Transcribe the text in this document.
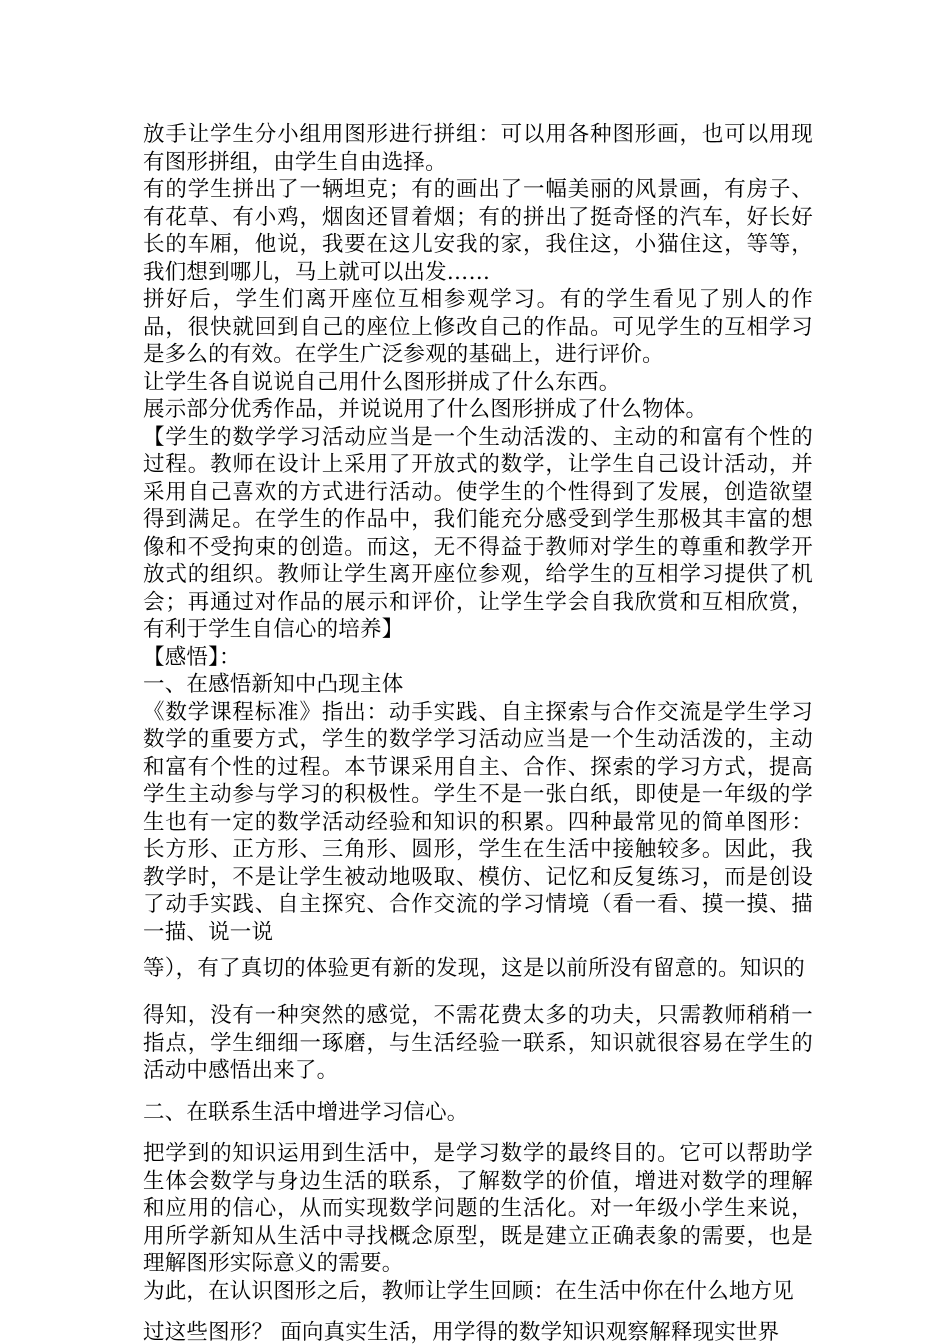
放手让学生分小组用图形进行拼组：可以用各种图形画，也可以用现有图形拼组，由学生自由选择。

有的学生拼出了一辆坦克；有的画出了一幅美丽的风景画，有房子、有花草、有小鸡，烟囱还冒着烟；有的拼出了挺奇怪的汽车，好长好长的车厢，他说，我要在这儿安我的家，我住这，小猫住这，等等，我们想到哪儿，马上就可以出发……

拼好后，学生们离开座位互相参观学习。有的学生看见了别人的作品，很快就回到自己的座位上修改自己的作品。可见学生的互相学习是多么的有效。在学生广泛参观的基础上，进行评价。

让学生各自说说自己用什么图形拼成了什么东西。

展示部分优秀作品，并说说用了什么图形拼成了什么物体。

【学生的数学学习活动应当是一个生动活泼的、主动的和富有个性的过程。教师在设计上采用了开放式的数学，让学生自己设计活动，并采用自己喜欢的方式进行活动。使学生的个性得到了发展，创造欲望得到满足。在学生的作品中，我们能充分感受到学生那极其丰富的想像和不受拘束的创造。而这，无不得益于教师对学生的尊重和教学开放式的组织。教师让学生离开座位参观，给学生的互相学习提供了机会；再通过对作品的展示和评价，让学生学会自我欣赏和互相欣赏，有利于学生自信心的培养】

【感悟】：

一、在感悟新知中凸现主体

《数学课程标准》指出：动手实践、自主探索与合作交流是学生学习数学的重要方式，学生的数学学习活动应当是一个生动活泼的，主动和富有个性的过程。本节课采用自主、合作、探索的学习方式，提高学生主动参与学习的积极性。学生不是一张白纸，即使是一年级的学生也有一定的数学活动经验和知识的积累。四种最常见的简单图形：长方形、正方形、三角形、圆形，学生在生活中接触较多。因此，我教学时，不是让学生被动地吸取、模仿、记忆和反复练习，而是创设了动手实践、自主探究、合作交流的学习情境（看一看、摸一摸、描一描、说一说

等），有了真切的体验更有新的发现，这是以前所没有留意的。知识的

得知，没有一种突然的感觉，不需花费太多的功夫，只需教师稍稍一指点，学生细细一琢磨，与生活经验一联系，知识就很容易在学生的活动中感悟出来了。

二、在联系生活中增进学习信心。

把学到的知识运用到生活中，是学习数学的最终目的。它可以帮助学生体会数学与身边生活的联系，了解数学的价值，增进对数学的理解和应用的信心，从而实现数学问题的生活化。对一年级小学生来说，用所学新知从生活中寻找概念原型，既是建立正确表象的需要，也是理解图形实际意义的需要。

为此，在认识图形之后，教师让学生回顾：在生活中你在什么地方见

过这些图形？ 面向真实生活，用学得的数学知识观察解释现实世界
